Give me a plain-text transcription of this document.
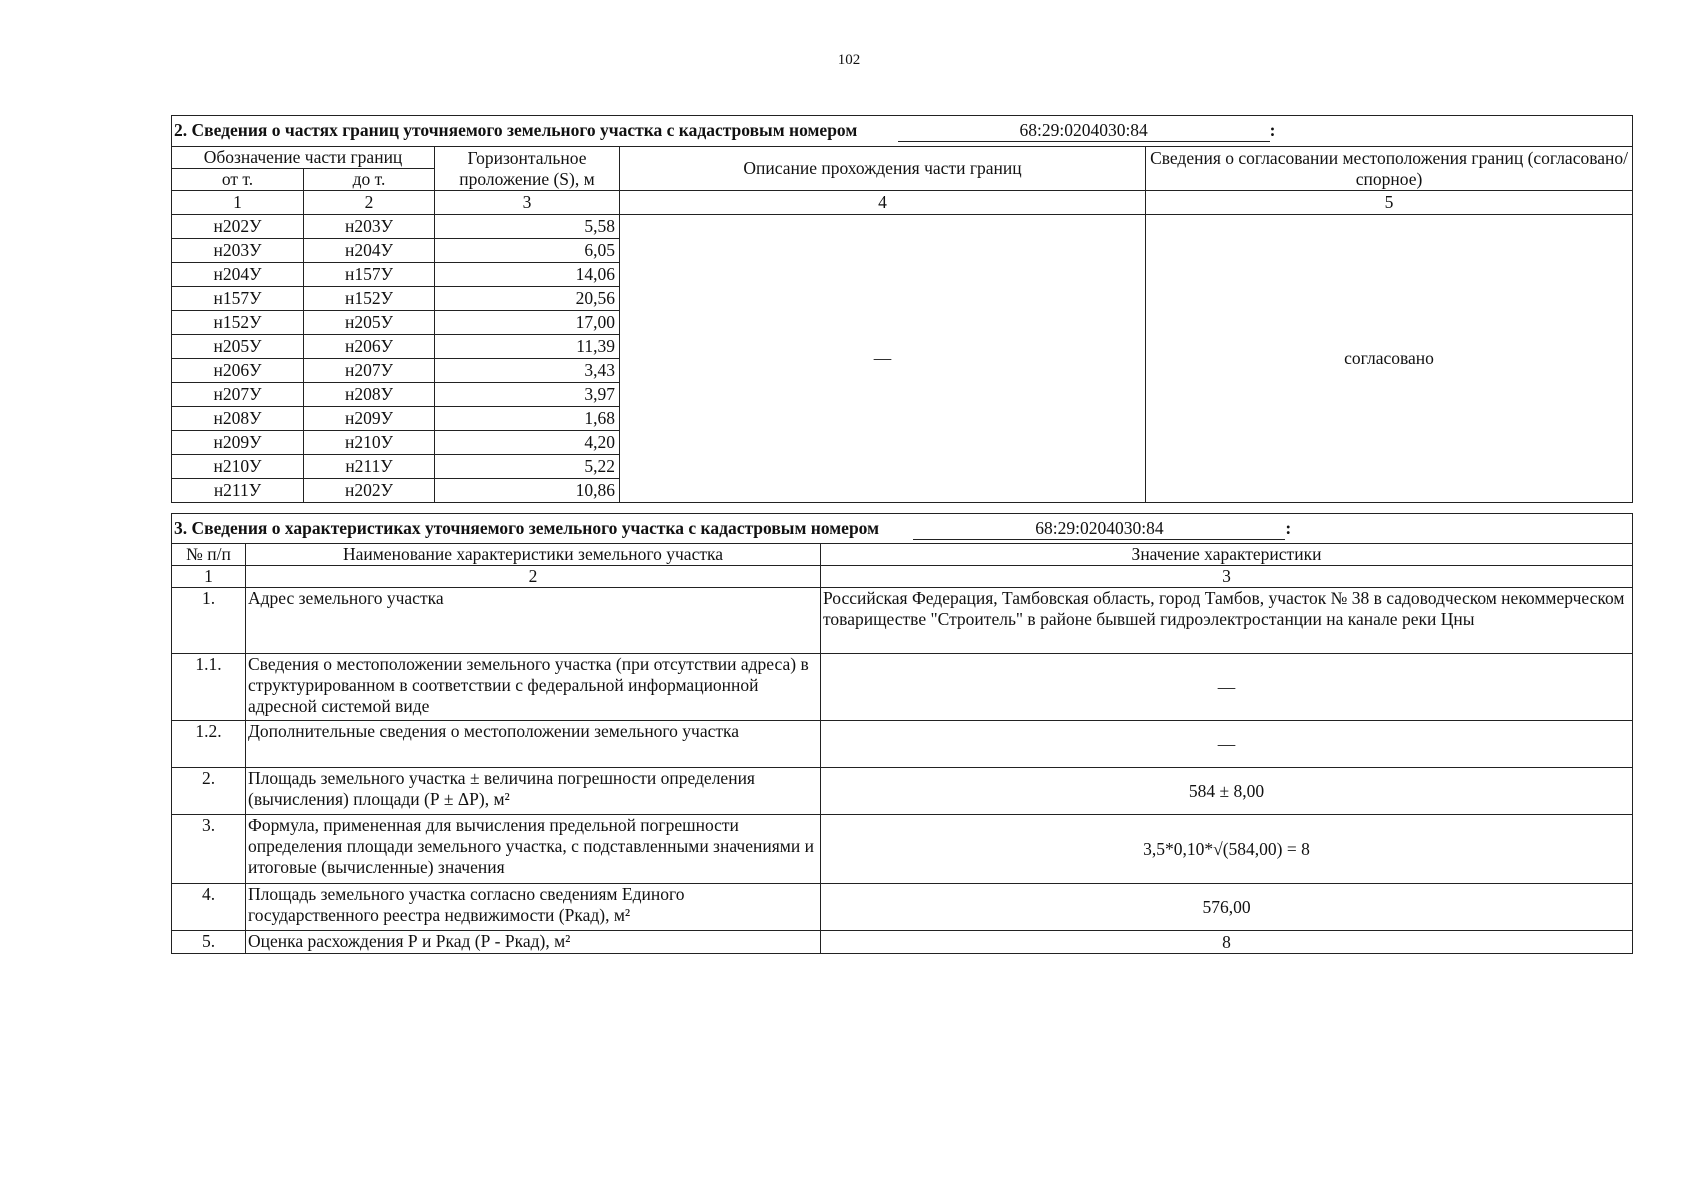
102
2. Сведения о частях границ уточняемого земельного участка с кадастровым номером 68:29:0204030:84 :				
Обозначение части границ		Горизонтальное проложение (S), м	Описание прохождения части границ	Сведения о согласовании местоположения границ (согласовано/спорное)
от т.	до т.			
1	2	3	4	5
н202У	н203У	5,58	—	согласовано
н203У	н204У	6,05		
н204У	н157У	14,06		
н157У	н152У	20,56		
н152У	н205У	17,00		
н205У	н206У	11,39		
н206У	н207У	3,43		
н207У	н208У	3,97		
н208У	н209У	1,68		
н209У	н210У	4,20		
н210У	н211У	5,22		
н211У	н202У	10,86		
3. Сведения о характеристиках уточняемого земельного участка с кадастровым номером 68:29:0204030:84 :		
№ п/п	Наименование характеристики земельного участка	Значение характеристики
1	2	3
1.	Адрес земельного участка	Российская Федерация, Тамбовская область, город Тамбов, участок № 38 в садоводческом некоммерческом товариществе "Строитель" в районе бывшей гидроэлектростанции на канале реки Цны
1.1.	Сведения о местоположении земельного участка (при отсутствии адреса) в структурированном в соответствии с федеральной информационной адресной системой виде	—
1.2.	Дополнительные сведения о местоположении земельного участка	—
2.	Площадь земельного участка ± величина погрешности определения (вычисления) площади (Р ± ΔР), м²	584 ± 8,00
3.	Формула, примененная для вычисления предельной погрешности определения площади земельного участка, с подставленными значениями и итоговые (вычисленные) значения	3,5*0,10*√(584,00) = 8
4.	Площадь земельного участка согласно сведениям Единого государственного реестра недвижимости (Ркад), м²	576,00
5.	Оценка расхождения Р и Ркад (Р - Ркад), м²	8
